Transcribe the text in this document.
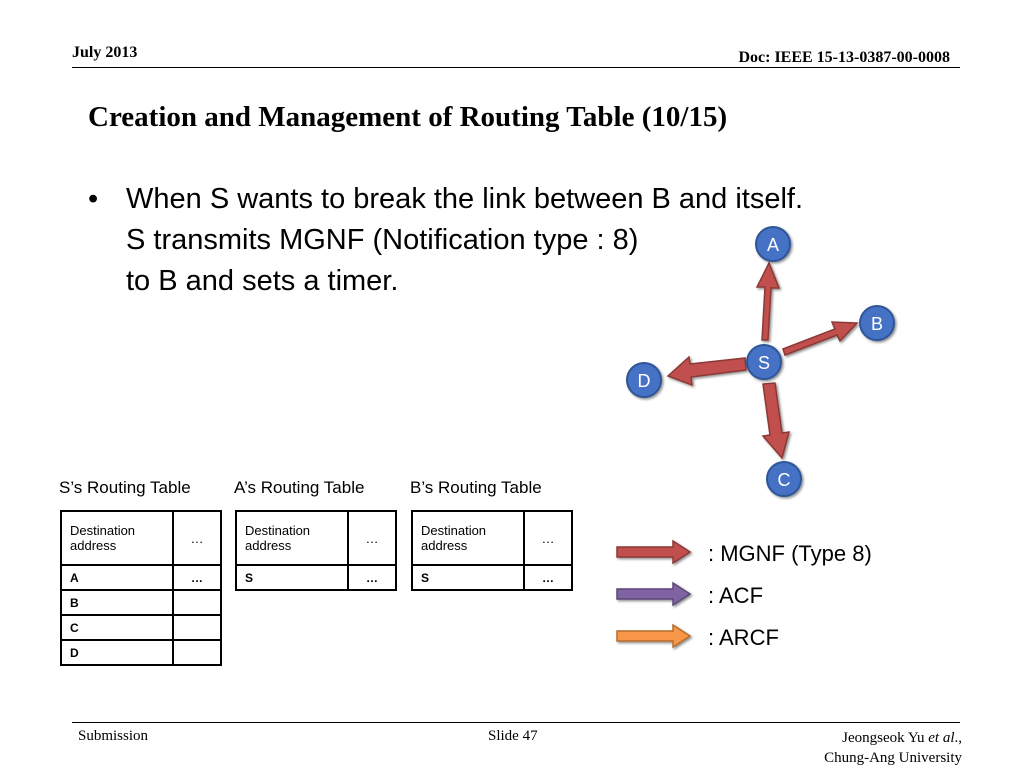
July 2013	Doc: IEEE 15-13-0387-00-0008
Creation and Management of Routing Table (10/15)
• When S wants to break the link between B and itself.
S transmits MGNF (Notification type : 8)
to B and sets a timer.
A
B
S
D
C
: MGNF (Type 8)
: ACF
: ARCF
S’s Routing Table	A’s Routing Table	B’s Routing Table
Destination address	…
A	…
B	
C	
D	
Destination address	…
S	…
Destination address	…
S	…
Submission	Slide 47	Jeongseok Yu et al.,
Chung-Ang University
